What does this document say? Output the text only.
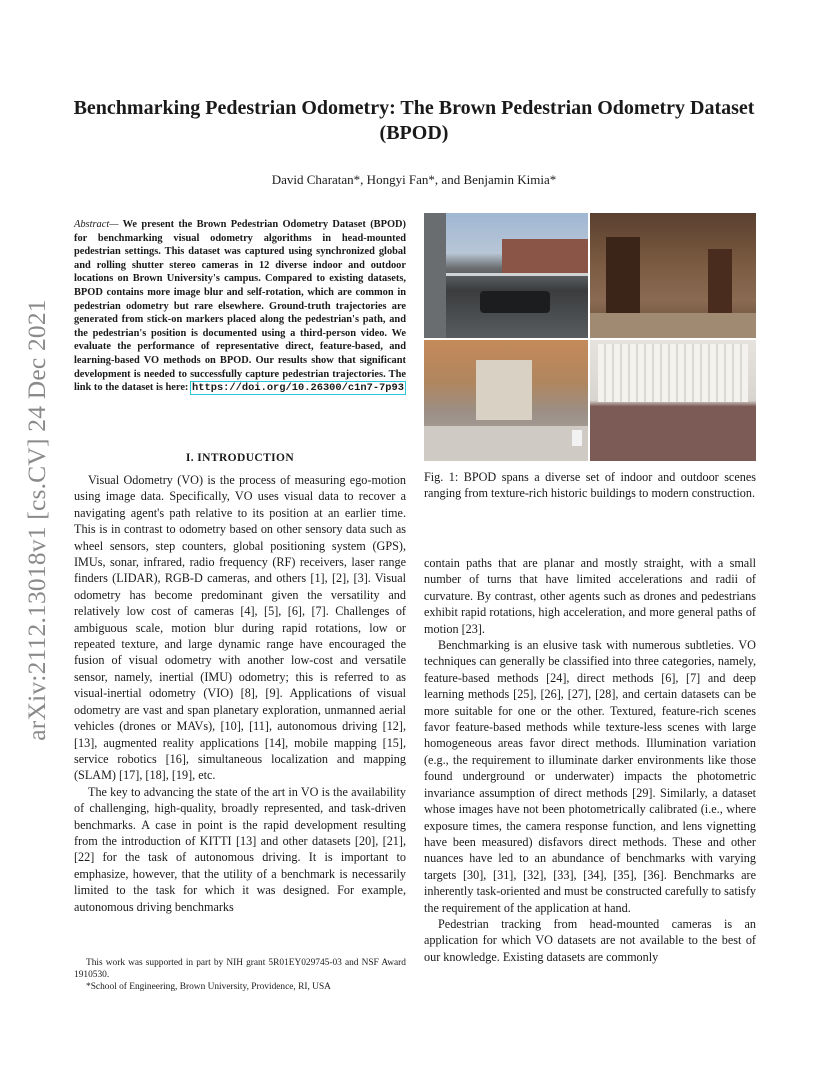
arXiv:2112.13018v1 [cs.CV] 24 Dec 2021
Benchmarking Pedestrian Odometry: The Brown Pedestrian Odometry Dataset (BPOD)

David Charatan*, Hongyi Fan*, and Benjamin Kimia*

Abstract— We present the Brown Pedestrian Odometry Dataset (BPOD) for benchmarking visual odometry algorithms in head-mounted pedestrian settings. This dataset was captured using synchronized global and rolling shutter stereo cameras in 12 diverse indoor and outdoor locations on Brown University's campus. Compared to existing datasets, BPOD contains more image blur and self-rotation, which are common in pedestrian odometry but rare elsewhere. Ground-truth trajectories are generated from stick-on markers placed along the pedestrian's path, and the pedestrian's position is documented using a third-person video. We evaluate the performance of representative direct, feature-based, and learning-based VO methods on BPOD. Our results show that significant development is needed to successfully capture pedestrian trajectories. The link to the dataset is here: https://doi.org/10.26300/c1n7-7p93

I. INTRODUCTION

Visual Odometry (VO) is the process of measuring ego-motion using image data. Specifically, VO uses visual data to recover a navigating agent's path relative to its position at an earlier time. This is in contrast to odometry based on other sensory data such as wheel sensors, step counters, global positioning system (GPS), IMUs, sonar, infrared, radio frequency (RF) receivers, laser range finders (LIDAR), RGB-D cameras, and others [1], [2], [3]. Visual odometry has become predominant given the versatility and relatively low cost of cameras [4], [5], [6], [7]. Challenges of ambiguous scale, motion blur during rapid rotations, low or repeated texture, and large dynamic range have encouraged the fusion of visual odometry with another low-cost and versatile sensor, namely, inertial (IMU) odometry; this is referred to as visual-inertial odometry (VIO) [8], [9]. Applications of visual odometry are vast and span planetary exploration, unmanned aerial vehicles (drones or MAVs), [10], [11], autonomous driving [12], [13], augmented reality applications [14], mobile mapping [15], service robotics [16], simultaneous localization and mapping (SLAM) [17], [18], [19], etc.

The key to advancing the state of the art in VO is the availability of challenging, high-quality, broadly represented, and task-driven benchmarks. A case in point is the rapid development resulting from the introduction of KITTI [13] and other datasets [20], [21], [22] for the task of autonomous driving. It is important to emphasize, however, that the utility of a benchmark is necessarily limited to the task for which it was designed. For example, autonomous driving benchmarks

This work was supported in part by NIH grant 5R01EY029745-03 and NSF Award 1910530.

*School of Engineering, Brown University, Providence, RI, USA

Fig. 1: BPOD spans a diverse set of indoor and outdoor scenes ranging from texture-rich historic buildings to modern construction.

contain paths that are planar and mostly straight, with a small number of turns that have limited accelerations and radii of curvature. By contrast, other agents such as drones and pedestrians exhibit rapid rotations, high acceleration, and more general paths of motion [23].

Benchmarking is an elusive task with numerous subtleties. VO techniques can generally be classified into three categories, namely, feature-based methods [24], direct methods [6], [7] and deep learning methods [25], [26], [27], [28], and certain datasets can be more suitable for one or the other. Textured, feature-rich scenes favor feature-based methods while texture-less scenes with large homogeneous areas favor direct methods. Illumination variation (e.g., the requirement to illuminate darker environments like those found underground or underwater) impacts the photometric invariance assumption of direct methods [29]. Similarly, a dataset whose images have not been photometrically calibrated (i.e., where exposure times, the camera response function, and lens vignetting have been measured) disfavors direct methods. These and other nuances have led to an abundance of benchmarks with varying targets [30], [31], [32], [33], [34], [35], [36]. Benchmarks are inherently task-oriented and must be constructed carefully to satisfy the requirement of the application at hand.

Pedestrian tracking from head-mounted cameras is an application for which VO datasets are not available to the best of our knowledge. Existing datasets are commonly
